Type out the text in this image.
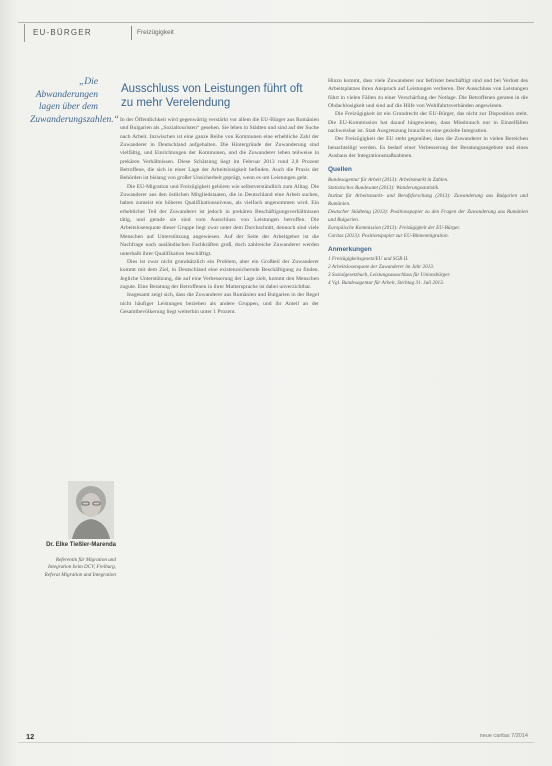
EU-BÜRGER	Freizügigkeit
„Die Abwanderungen lagen über dem Zuwanderungszahlen.“
Ausschluss von Leistungen führt oft zu mehr Verelendung

In der Öffentlichkeit wird gegenwärtig verstärkt vor allem die EU-Bürger aus Rumänien und Bulgarien als „Sozialtouristen“ gesehen. Sie leben in Städten und sind auf der Suche nach Arbeit. Inzwischen ist eine ganze Reihe von Kommunen eine erhebliche Zahl der Zuwanderer in Deutschland aufgehalten. Die Hintergründe der Zuwanderung sind vielfältig, und Einrichtungen der Kommunen, und die Zuwanderer leben teilweise in prekären Verhältnissen. Diese Schätzung liegt im Februar 2013 rund 2,8 Prozent Betroffene, die sich in einer Lage der Arbeitslosigkeit befinden. Auch die Praxis der Behörden ist bislang von großer Unsicherheit geprägt, wenn es um Leistungen geht.

Die EU-Migration und Freizügigkeit gehören wie selbstverständlich zum Alltag. Die Zuwanderer aus den östlichen Mitgliedstaaten, die in Deutschland eine Arbeit suchen, haben zumeist ein höheres Qualifikationsniveau, als vielfach angenommen wird. Ein erheblicher Teil der Zuwanderer ist jedoch in prekären Beschäftigungsverhältnissen tätig, und gerade sie sind vom Ausschluss von Leistungen betroffen. Die Arbeitslosenquote dieser Gruppe liegt zwar unter dem Durchschnitt, dennoch sind viele Menschen auf Unterstützung angewiesen. Auf der Seite der Arbeitgeber ist die Nachfrage nach ausländischen Fachkräften groß, doch zahlreiche Zuwanderer werden unterhalb ihrer Qualifikation beschäftigt.

Dies ist zwar nicht grundsätzlich ein Problem, aber ein Großteil der Zuwanderer kommt mit dem Ziel, in Deutschland eine existenzsichernde Beschäftigung zu finden. Jegliche Unterstützung, die auf eine Verbesserung der Lage zielt, kommt den Menschen zugute. Eine Beratung der Betroffenen in ihrer Muttersprache ist dabei unverzichtbar.

Insgesamt zeigt sich, dass die Zuwanderer aus Rumänien und Bulgarien in der Regel nicht häufiger Leistungen beziehen als andere Gruppen, und ihr Anteil an der Gesamtbevölkerung liegt weiterhin unter 1 Prozent.

Hinzu kommt, dass viele Zuwanderer nur befristet beschäftigt sind und bei Verlust des Arbeitsplatzes ihren Anspruch auf Leistungen verlieren. Der Ausschluss von Leistungen führt in vielen Fällen zu einer Verschärfung der Notlage. Die Betroffenen geraten in die Obdachlosigkeit und sind auf die Hilfe von Wohlfahrtsverbänden angewiesen.

Die Freizügigkeit ist ein Grundrecht der EU-Bürger, das nicht zur Disposition steht. Die EU-Kommission hat darauf hingewiesen, dass Missbrauch nur in Einzelfällen nachweisbar ist. Statt Ausgrenzung braucht es eine gezielte Integration.

Der Freizügigkeit der EU steht gegenüber, dass die Zuwanderer in vielen Bereichen benachteiligt werden. Es bedarf einer Verbesserung der Beratungsangebote und eines Ausbaus der Integrationsmaßnahmen.

Quellen

Bundesagentur für Arbeit (2013): Arbeitsmarkt in Zahlen.

Statistisches Bundesamt (2013): Wanderungsstatistik.

Institut für Arbeitsmarkt- und Berufsforschung (2013): Zuwanderung aus Bulgarien und Rumänien.

Deutscher Städtetag (2013): Positionspapier zu den Fragen der Zuwanderung aus Rumänien und Bulgarien.

Europäische Kommission (2013): Freizügigkeit der EU-Bürger.

Caritas (2013): Positionspapier zur EU-Binnenmigration.

Anmerkungen

1 Freizügigkeitsgesetz/EU und SGB II.

2 Arbeitslosenquote der Zuwanderer im Jahr 2013.

3 Sozialgesetzbuch, Leistungsausschluss für Unionsbürger.

4 Vgl. Bundesagentur für Arbeit, Stichtag 31. Juli 2013.

Dr. Elke Tießler-Marenda
Referentin für Migration und Integration beim DCV, Freiburg, Referat Migration und Integration
12	neue caritas 7/2014
